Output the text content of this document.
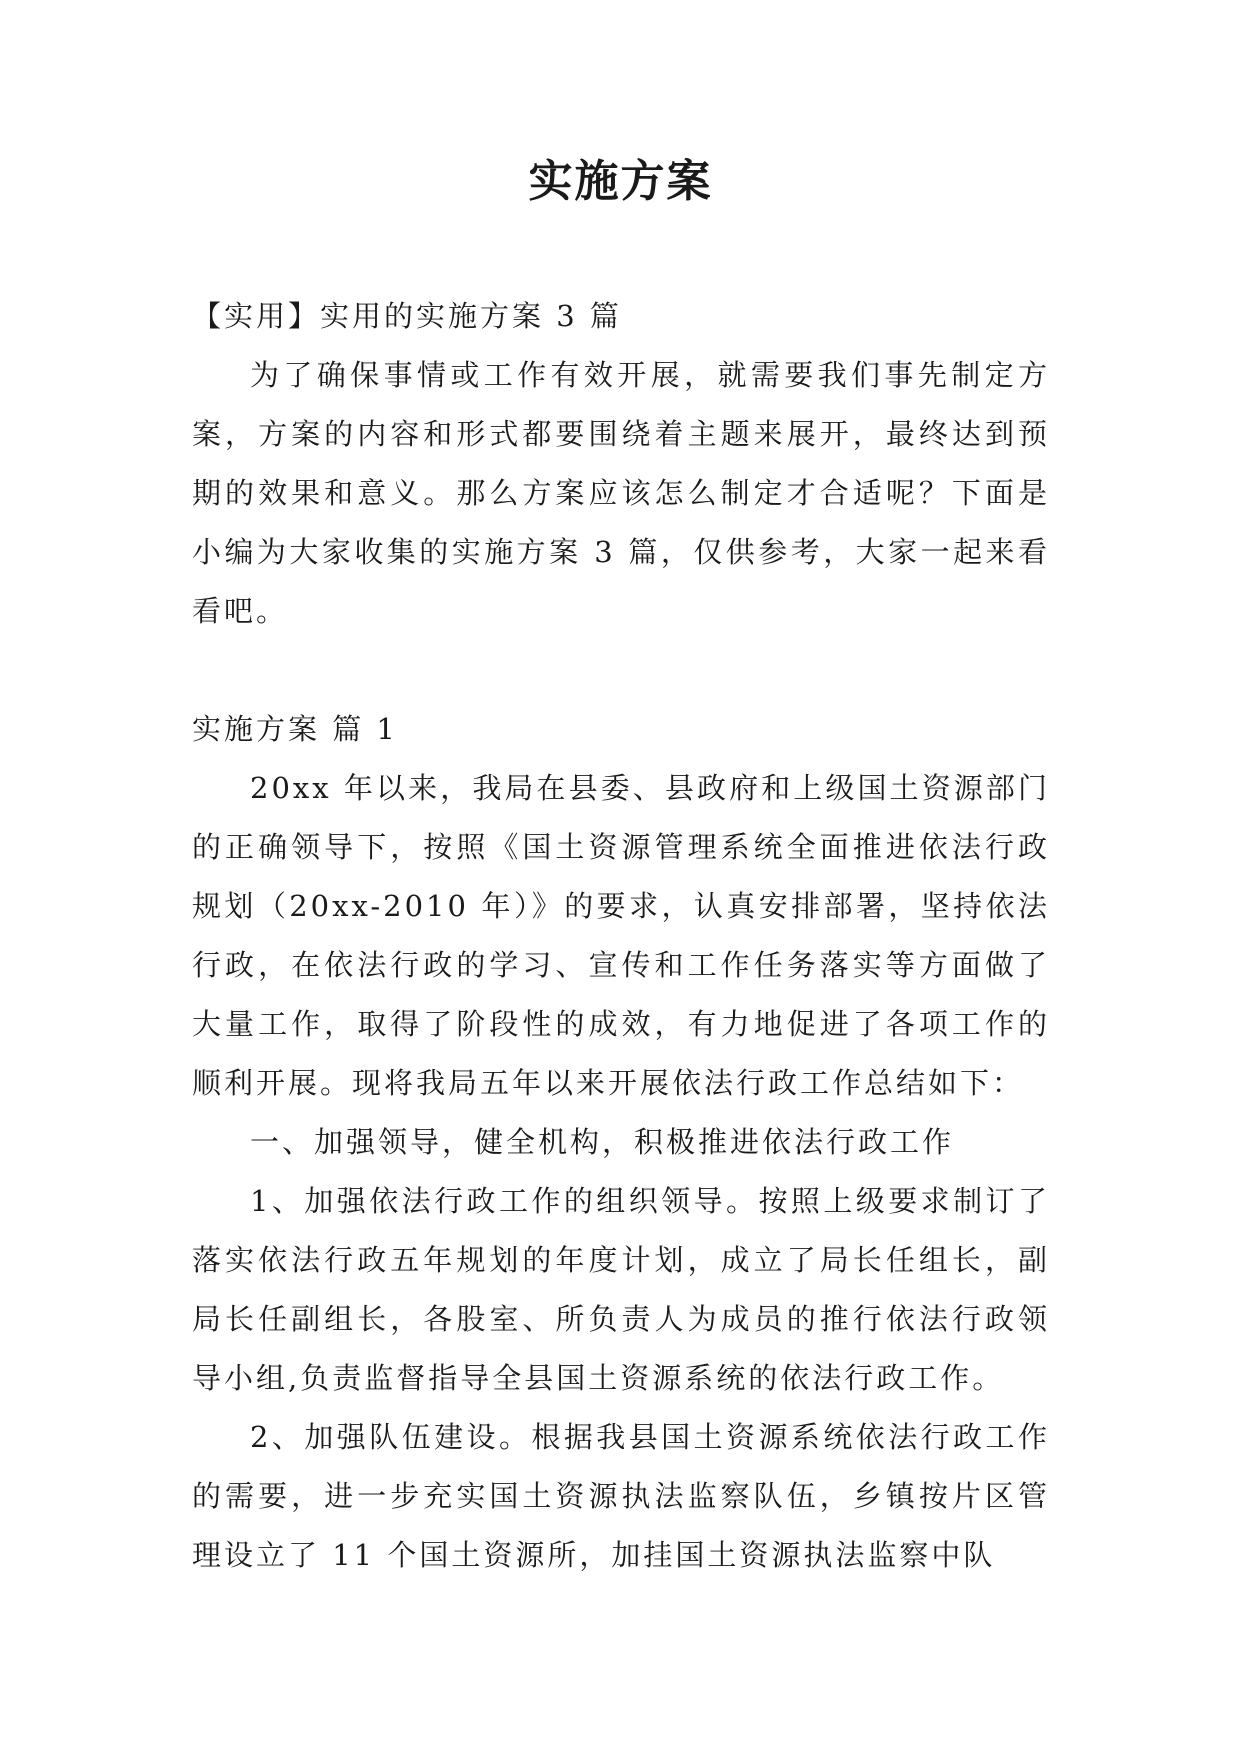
实施方案

【实用】实用的实施方案 3 篇

为了确保事情或工作有效开展，就需要我们事先制定方案，方案的内容和形式都要围绕着主题来展开，最终达到预期的效果和意义。那么方案应该怎么制定才合适呢？下面是小编为大家收集的实施方案 3 篇，仅供参考，大家一起来看看吧。

实施方案 篇 1

20xx 年以来，我局在县委、县政府和上级国土资源部门的正确领导下，按照《国土资源管理系统全面推进依法行政规划（20xx-2010 年）》的要求，认真安排部署，坚持依法行政，在依法行政的学习、宣传和工作任务落实等方面做了大量工作，取得了阶段性的成效，有力地促进了各项工作的顺利开展。现将我局五年以来开展依法行政工作总结如下：

一、加强领导，健全机构，积极推进依法行政工作

1、加强依法行政工作的组织领导。按照上级要求制订了落实依法行政五年规划的年度计划，成立了局长任组长，副局长任副组长，各股室、所负责人为成员的推行依法行政领导小组,负责监督指导全县国土资源系统的依法行政工作。

2、加强队伍建设。根据我县国土资源系统依法行政工作的需要，进一步充实国土资源执法监察队伍，乡镇按片区管理设立了 11 个国土资源所，加挂国土资源执法监察中队
